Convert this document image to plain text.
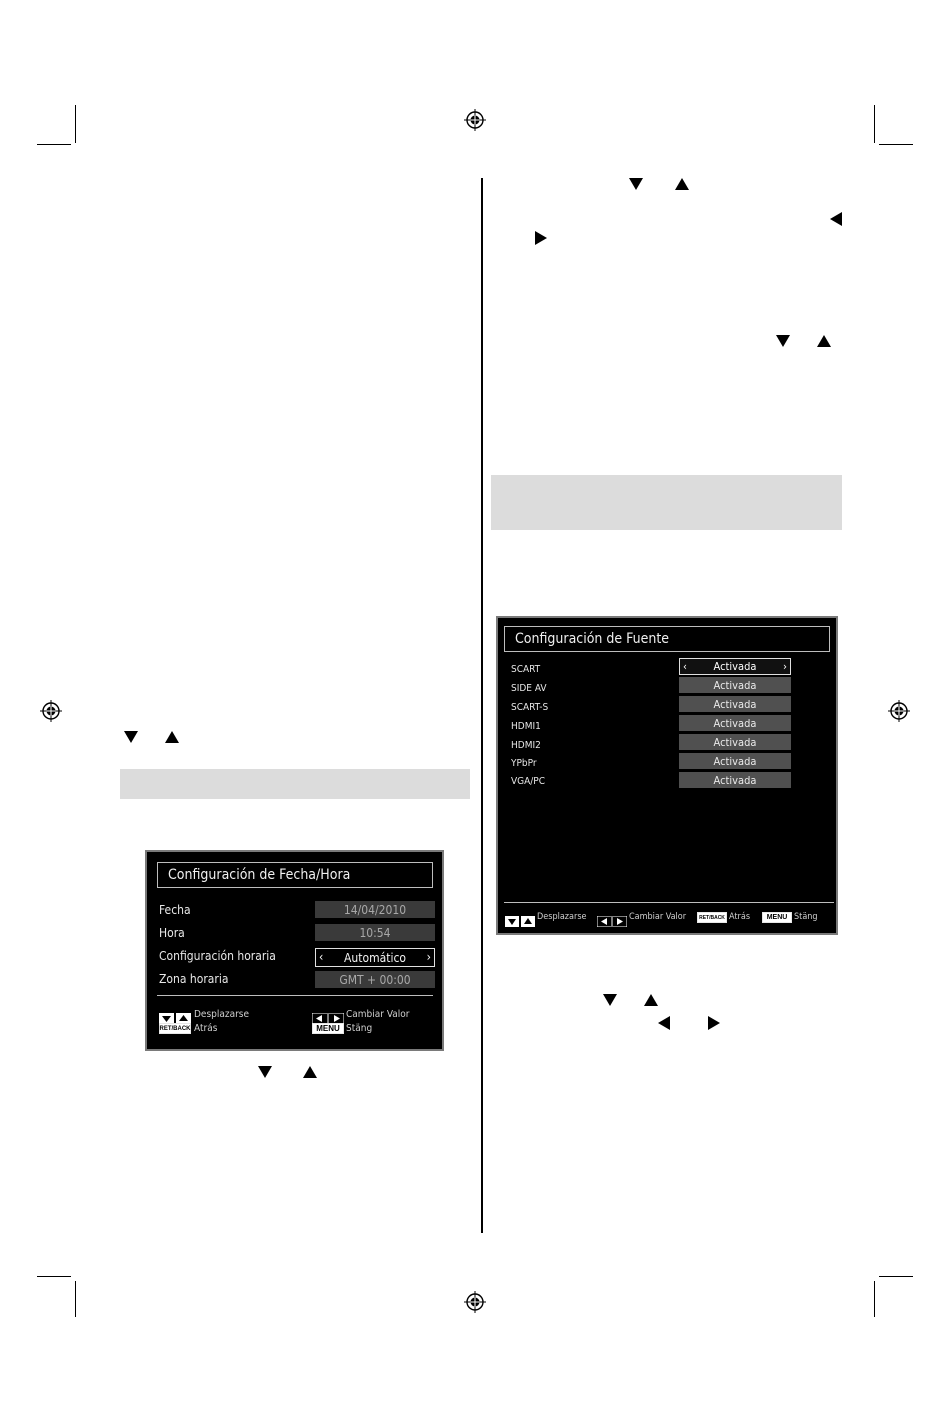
Configuración de Fecha/Hora
Fecha	14/04/2010
Hora	10:54
Configuración horaria	‹ Automático ›
Zona horaria	GMT + 00:00
Desplazarse	Cambiar Valor
RET/BACK Atrás	MENU Stäng
Configuración de Fuente
SCART	‹ Activada ›
SIDE AV	Activada
SCART-S	Activada
HDMI1	Activada
HDMI2	Activada
YPbPr	Activada
VGA/PC	Activada
Desplazarse	Cambiar Valor	RET/BACK Atrás	MENU Stäng
